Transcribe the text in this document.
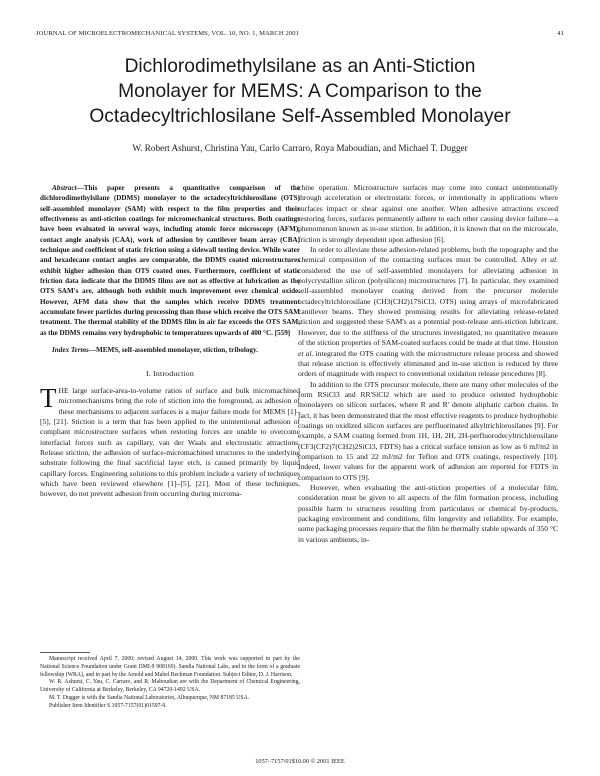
JOURNAL OF MICROELECTROMECHANICAL SYSTEMS, VOL. 10, NO. 1, MARCH 2001	41
Dichlorodimethylsilane as an Anti-Stiction
Monolayer for MEMS: A Comparison to the
Octadecyltrichlosilane Self-Assembled Monolayer
W. Robert Ashurst, Christina Yau, Carlo Carraro, Roya Maboudian, and Michael T. Dugger

Abstract—This paper presents a quantitative comparison of the dichlorodimethylsilane (DDMS) monolayer to the octadecyltrichlorosilane (OTS) self-assembled monolayer (SAM) with respect to the film properties and their effectiveness as anti-stiction coatings for micromechanical structures. Both coatings have been evaluated in several ways, including atomic force microscopy (AFM), contact angle analysis (CAA), work of adhesion by cantilever beam array (CBA) technique and coefficient of static friction using a sidewall testing device. While water and hexadecane contact angles are comparable, the DDMS coated microstructures exhibit higher adhesion than OTS coated ones. Furthermore, coefficient of static friction data indicate that the DDMS films are not as effective at lubrication as the OTS SAM's are, although both exhibit much improvement over chemical oxide. However, AFM data show that the samples which receive DDMS treatment accumulate fewer particles during processing than those which receive the OTS SAM treatment. The thermal stability of the DDMS film in air far exceeds the OTS SAM, as the DDMS remains very hydrophobic to temperatures upwards of 400 °C. [559]

Index Terms—MEMS, self-assembled monolayer, stiction, tribology.

I. Introduction

THE large surface-area-to-volume ratios of surface and bulk micromachined micromechanisms bring the role of stiction into the foreground, as adhesion of these mechanisms to adjacent surfaces is a major failure mode for MEMS [1]–[5], [21]. Stiction is a term that has been applied to the unintentional adhesion of compliant microstructure surfaces when restoring forces are unable to overcome interfacial forces such as capillary, van der Waals and electrostatic attractions. Release stiction, the adhesion of surface-micromachined structures to the underlying substrate following the final sacrificial layer etch, is caused primarily by liquid capillary forces. Engineering solutions to this problem include a variety of techniques which have been reviewed elsewhere [1]–[5], [21]. Most of these techniques, however, do not prevent adhesion from occurring during microma-

Manuscript received April 7, 2000; revised August 14, 2000. This work was supported in part by the National Science Foundation under Grant DMI-9 908169). Sandia National Labs, and in the form of a graduate fellowship (WRA), and in part by the Arnold and Mabel Beckman Foundation. Subject Editor, D. J. Harrison.

W. R. Ashurst, C. Yau, C. Carraro, and R. Maboudian are with the Department of Chemical Engineering, University of California at Berkeley, Berkeley, CA 94720-1492 USA.

M. T. Dugger is with the Sandia National Laboratories, Albuquerque, NM 87185 USA.

Publisher Item Identifier S 1057-7157(01)01597-9.

chine operation. Microstructure surfaces may come into contact unintentionally through acceleration or electrostatic forces, or intentionally in applications where surfaces impact or shear against one another. When adhesive attractions exceed restoring forces, surfaces permanently adhere to each other causing device failure—a phenomenon known as in-use stiction. In addition, it is known that on the microscale, friction is strongly dependent upon adhesion [6].

In order to alleviate these adhesion-related problems, both the topography and the chemical composition of the contacting surfaces must be controlled. Alley et al. considered the use of self-assembled monolayers for alleviating adhesion in polycrystalline silicon (polysilicon) microstructures [7]. In particular, they examined self-assembled monolayer coating derived from the precursor molecule octadecyltrichlorosilane (CH3(CH2)17SiCl3, OTS) using arrays of microfabricated cantilever beams. They showed promising results for alleviating release-related stiction and suggested these SAM's as a potential post-release anti-stiction lubricant. However, due to the stiffness of the structures investigated, no quantitative measure of the stiction properties of SAM-coated surfaces could be made at that time. Houston et al. integrated the OTS coating with the microstructure release process and showed that release stiction is effectively eliminated and in-use stiction is reduced by three orders of magnitude with respect to conventional oxidation release procedures [8].

In addition to the OTS precursor molecule, there are many other molecules of the form RSiCl3 and RR'SiCl2 which are used to produce oriented hydrophobic monolayers on silicon surfaces, where R and R' denote aliphatic carbon chains. In fact, it has been demonstrated that the most effective reagents to produce hydrophobic coatings on oxidized silicon surfaces are perfluorinated alkyltrichlorosilanes [9]. For example, a SAM coating formed from 1H, 1H, 2H, 2H-perfluorodecyltrichlorosilane (CF3(CF2)7(CH2)2SiCl3, FDTS) has a critical surface tension as low as 6 mJ/m2 in comparison to 15 and 22 mJ/m2 for Teflon and OTS coatings, respectively [10]. Indeed, lower values for the apparent work of adhesion are reported for FDTS in comparison to OTS [9].

However, when evaluating the anti-stiction properties of a molecular film, consideration must be given to all aspects of the film formation process, including possible harm to structures resulting from particulates or chemical by-products, packaging environment and conditions, film longevity and reliability. For example, some packaging processes require that the film be thermally stable upwards of 350 °C in various ambients, in-

1057–7157/01$10.00 © 2001 IEEE
